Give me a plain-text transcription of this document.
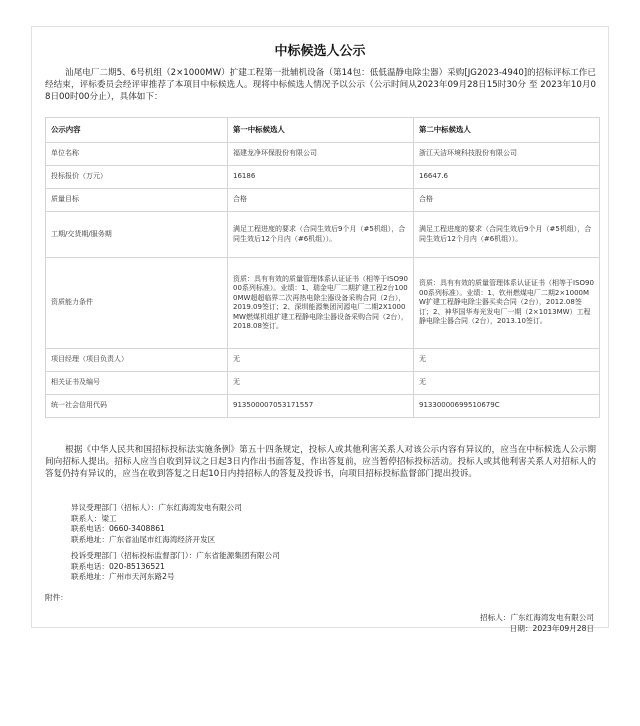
中标候选人公示
汕尾电厂二期5、6号机组（2×1000MW）扩建工程第一批辅机设备（第14包：低低温静电除尘器）采购[JG2023-4940]的招标评标工作已经结束，评标委员会经评审推荐了本项目中标候选人。现将中标候选人情况予以公示（公示时间从2023年09月28日15时30分 至 2023年10月08日00时00分止），具体如下：
公示内容	第一中标候选人	第二中标候选人
单位名称	福建龙净环保股份有限公司	浙江天洁环境科技股份有限公司
投标报价（万元）	16186	16647.6
质量目标	合格	合格
工期/交货期/服务期	满足工程进度的要求（合同生效后9个月（#5机组），合同生效后12个月内（#6机组））。	满足工程进度的要求（合同生效后9个月（#5机组），合同生效后12个月内（#6机组））。
资质能力条件	资质：具有有效的质量管理体系认证证书（相等于ISO9000系列标准）。业绩：1、瑞金电厂二期扩建工程2台1000MW超超临界二次再热电除尘器设备采购合同（2台），2019.09签订；2、深圳能源集团河源电厂二期2X1000MW燃煤机组扩建工程静电除尘器设备采购合同（2台），2018.08签订。	资质：具有有效的质量管理体系认证证书（相等于ISO9000系列标准）。业绩：1、钦州燃煤电厂二期2×1000MW扩建工程静电除尘器买卖合同（2台），2012.08签订；2、神华国华寿光发电厂一期（2×1013MW）工程静电除尘器合同（2台），2013.10签订。
项目经理（项目负责人）	无	无
相关证书及编号	无	无
统一社会信用代码	913500007053171557	91330000699510679C
根据《中华人民共和国招标投标法实施条例》第五十四条规定，投标人或其他利害关系人对该公示内容有异议的，应当在中标候选人公示期间向招标人提出。招标人应当自收到异议之日起3日内作出书面答复，作出答复前，应当暂停招标投标活动。投标人或其他利害关系人对招标人的答复仍持有异议的，应当在收到答复之日起10日内持招标人的答复及投诉书，向项目招标投标监督部门提出投诉。
异议受理部门（招标人）：广东红海湾发电有限公司
联系人：梁工
联系电话：0660-3408861
联系地址：广东省汕尾市红海湾经济开发区
投诉受理部门（招标投标监督部门）：广东省能源集团有限公司
联系电话：020-85136521
联系地址：广州市天河东路2号
附件：
招标人：广东红海湾发电有限公司
日期：2023年09月28日
